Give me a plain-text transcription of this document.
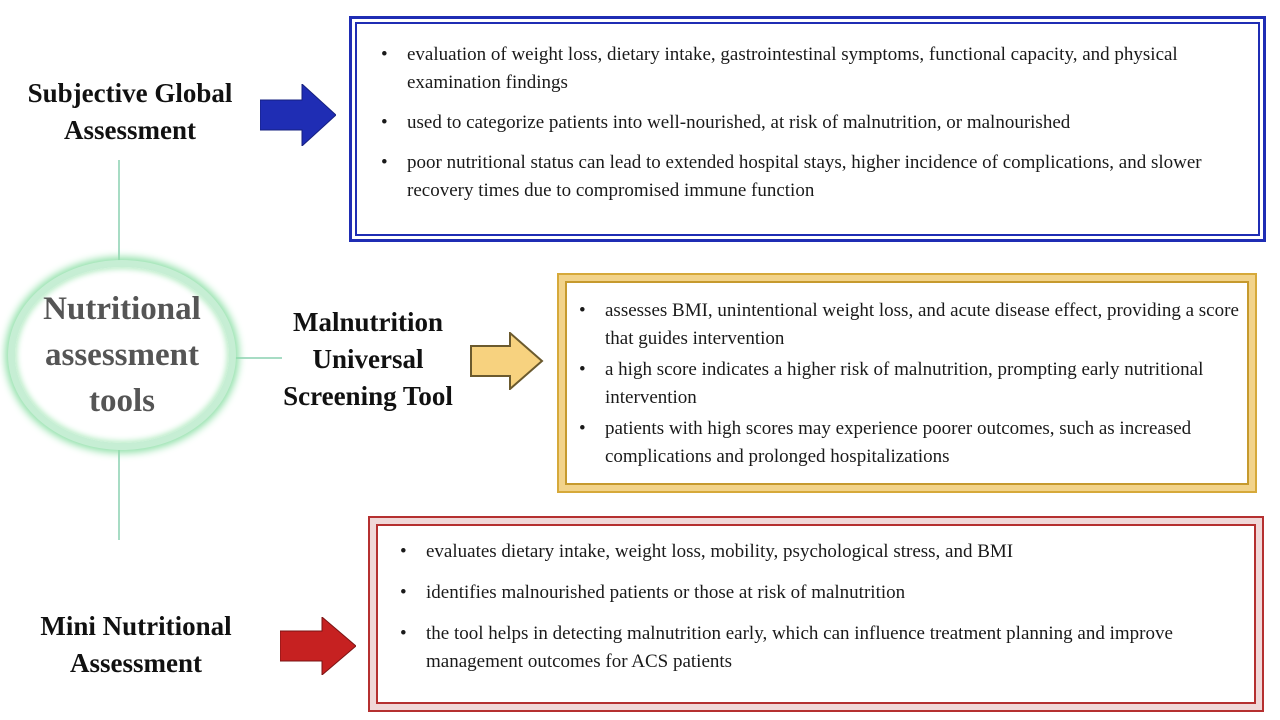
Nutritional
assessment
tools
Subjective Global
Assessment
• evaluation of weight loss, dietary intake, gastrointestinal symptoms, functional capacity, and physical examination findings
• used to categorize patients into well-nourished, at risk of malnutrition, or malnourished
• poor nutritional status can lead to extended hospital stays, higher incidence of complications, and slower recovery times due to compromised immune function
Malnutrition
Universal
Screening Tool
• assesses BMI, unintentional weight loss, and acute disease effect, providing a score that guides intervention
• a high score indicates a higher risk of malnutrition, prompting early nutritional intervention
• patients with high scores may experience poorer outcomes, such as increased complications and prolonged hospitalizations
Mini Nutritional
Assessment
• evaluates dietary intake, weight loss, mobility, psychological stress, and BMI
• identifies malnourished patients or those at risk of malnutrition
• the tool helps in detecting malnutrition early, which can influence treatment planning and improve management outcomes for ACS patients
